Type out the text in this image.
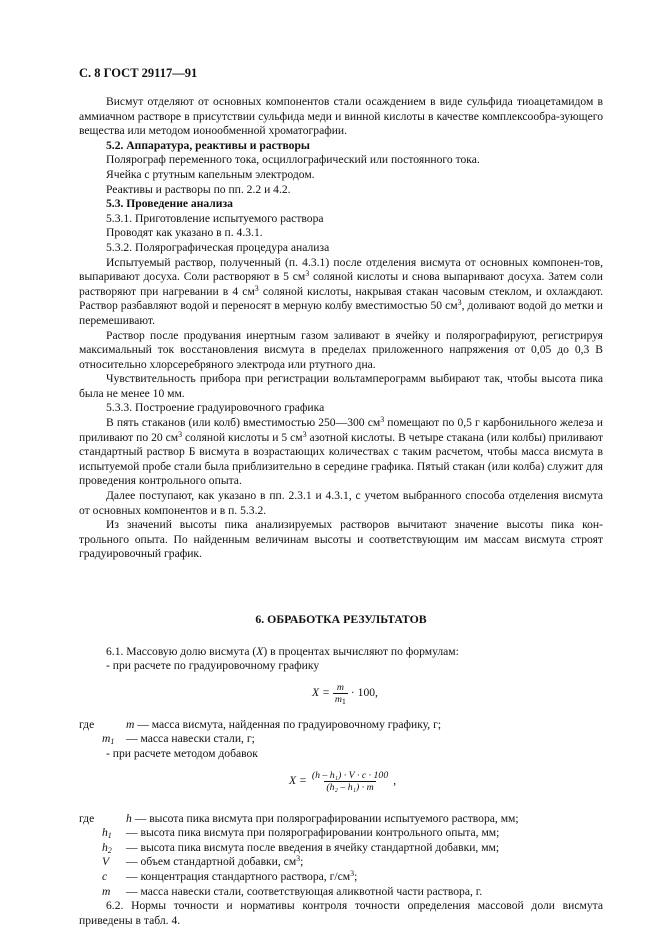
С. 8 ГОСТ 29117—91

Висмут отделяют от основных компонентов стали осаждением в виде сульфида тиоацетамидом в аммиачном растворе в присутствии сульфида меди и винной кислоты в качестве комплексообра-зующего вещества или методом ионообменной хроматографии.

5.2. Аппаратура, реактивы и растворы

Полярограф переменного тока, осциллографический или постоянного тока.

Ячейка с ртутным капельным электродом.

Реактивы и растворы по пп. 2.2 и 4.2.

5.3. Проведение анализа

5.3.1. Приготовление испытуемого раствора

Проводят как указано в п. 4.3.1.

5.3.2. Полярографическая процедура анализа

Испытуемый раствор, полученный (п. 4.3.1) после отделения висмута от основных компонен-тов, выпаривают досуха. Соли растворяют в 5 $см^3$ соляной кислоты и снова выпаривают досуха. Затем соли растворяют при нагревании в 4 $см^3$ соляной кислоты, накрывая стакан часовым стеклом, и охлаждают. Раствор разбавляют водой и переносят в мерную колбу вместимостью 50 $см^3$, доливают водой до метки и перемешивают.

Раствор после продувания инертным газом заливают в ячейку и полярографируют, регистрируя максимальный ток восстановления висмута в пределах приложенного напряжения от 0,05 до 0,3 В относительно хлорсеребряного электрода или ртутного дна.

Чувствительность прибора при регистрации вольтамперограмм выбирают так, чтобы высота пика была не менее 10 мм.

5.3.3. Построение градуировочного графика

В пять стаканов (или колб) вместимостью 250—300 $см^3$ помещают по 0,5 г карбонильного железа и приливают по 20 $см^3$ соляной кислоты и 5 $см^3$ азотной кислоты. В четыре стакана (или колбы) приливают стандартный раствор Б висмута в возрастающих количествах с таким расчетом, чтобы масса висмута в испытуемой пробе стали была приблизительно в середине графика. Пятый стакан (или колба) служит для проведения контрольного опыта.

Далее поступают, как указано в пп. 2.3.1 и 4.3.1, с учетом выбранного способа отделения висмута от основных компонентов и в п. 5.3.2.

Из значений высоты пика анализируемых растворов вычитают значение высоты пика кон-трольного опыта. По найденным величинам высоты и соответствующим им массам висмута строят градуировочный график.

6. ОБРАБОТКА РЕЗУЛЬТАТОВ

6.1. Массовую долю висмута (X) в процентах вычисляют по формулам:

- при расчете по градуировочному графику

$X = \frac{m}{m_1} \cdot 100$,

где	m — масса висмута, найденная по градуировочному графику, г;

$m_1$ — масса навески стали, г;

- при расчете методом добавок

$X = \frac{\text{(h – h₁) · V · c · 100}}{\text{(h₂ – h₁) · m}}$ ,

где	h — высота пика висмута при полярографировании испытуемого раствора, мм;

$h_1$ — высота пика висмута при полярографировании контрольного опыта, мм;

$h_2$ — высота пика висмута после введения в ячейку стандартной добавки, мм;

V — объем стандартной добавки, $см^3$;

c — концентрация стандартного раствора, $г/см^3$;

m — масса навески стали, соответствующая аликвотной части раствора, г.

6.2. Нормы точности и нормативы контроля точности определения массовой доли висмута приведены в табл. 4.
